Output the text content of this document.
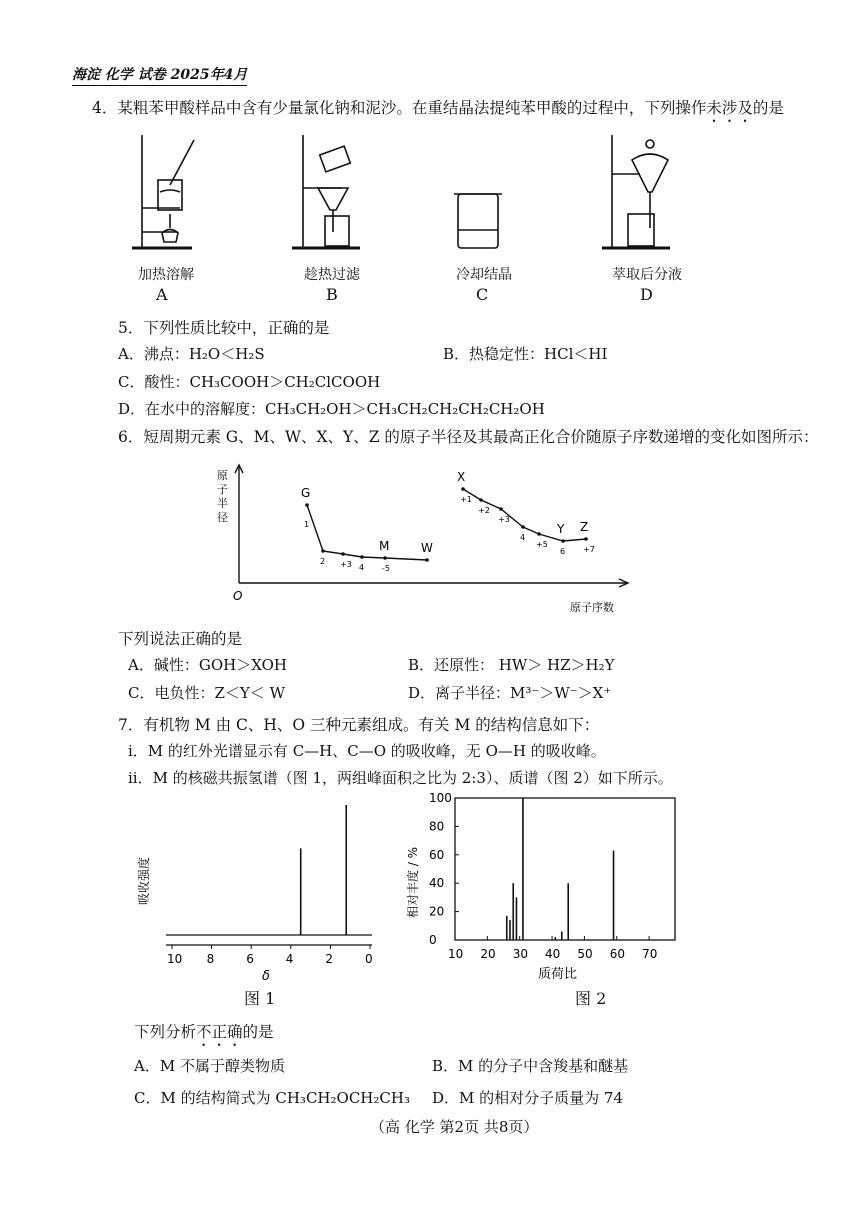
海淀 化学 试卷 2025年4月
4．某粗苯甲酸样品中含有少量氯化钠和泥沙。在重结晶法提纯苯甲酸的过程中，下列操作未涉及的是
加热溶解
A
趁热过滤
B
冷却结晶
C
萃取后分液
D
5．下列性质比较中，正确的是
A．沸点：H₂O＜H₂S	B．热稳定性：HCl＜HI
C．酸性：CH₃COOH＞CH₂ClCOOH
D．在水中的溶解度：CH₃CH₂OH＞CH₃CH₂CH₂CH₂CH₂OH
6．短周期元素 G、M、W、X、Y、Z 的原子半径及其最高正化合价随原子序数递增的变化如图所示：
G
1
2 +3 4
M
-5
W
X
+1
+2
+3
4
+5
Y
6
Z
+7
原
子
半
径
O
原子序数
下列说法正确的是
A．碱性：GOH＞XOH	B．还原性： HW＞ HZ＞H₂Y
C．电负性：Z＜Y＜ W	D．离子半径：M³⁻＞W⁻＞X⁺
7．有机物 M 由 C、H、O 三种元素组成。有关 M 的结构信息如下：
i．M 的红外光谱显示有 C—H、C—O 的吸收峰，无 O—H 的吸收峰。
ii．M 的核磁共振氢谱（图 1，两组峰面积之比为 2:3）、质谱（图 2）如下所示。
10 8	6	4	2	0
吸收强度
δ
图 1
10 20 30 40 50 60 70
0
20
40
60
80
100
相对丰度 / %
质荷比
图 2
下列分析不正确的是
A．M 不属于醇类物质	B．M 的分子中含羧基和醚基
C．M 的结构简式为 CH₃CH₂OCH₂CH₃ D．M 的相对分子质量为 74
（高 化学 第2页 共8页）
